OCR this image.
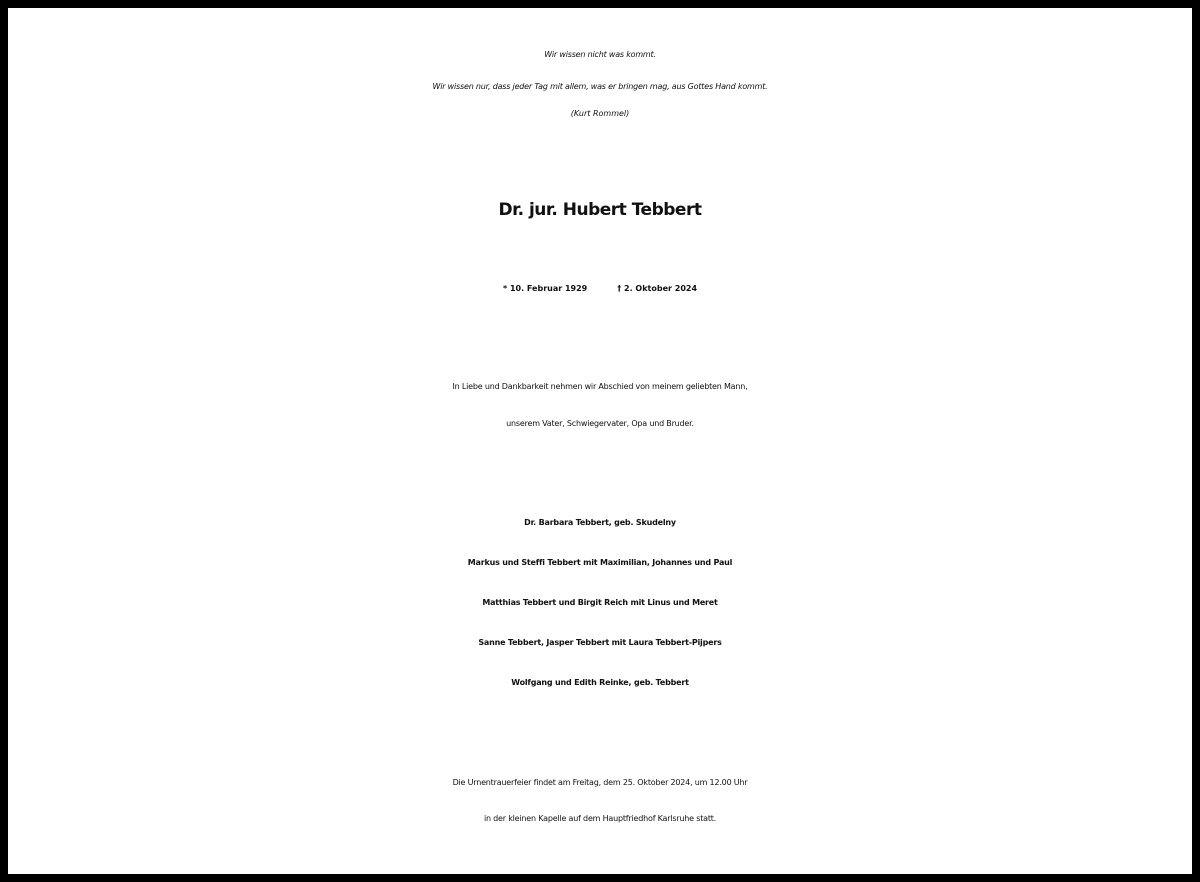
Wir wissen nicht was kommt.
Wir wissen nur, dass jeder Tag mit allem, was er bringen mag, aus Gottes Hand kommt.
(Kurt Rommel)
Dr. jur. Hubert Tebbert
* 10. Februar 1929	† 2. Oktober 2024
In Liebe und Dankbarkeit nehmen wir Abschied von meinem geliebten Mann,
unserem Vater, Schwiegervater, Opa und Bruder.
Dr. Barbara Tebbert, geb. Skudelny
Markus und Steffi Tebbert mit Maximilian, Johannes und Paul
Matthias Tebbert und Birgit Reich mit Linus und Meret
Sanne Tebbert, Jasper Tebbert mit Laura Tebbert-Pijpers
Wolfgang und Edith Reinke, geb. Tebbert
Die Urnentrauerfeier findet am Freitag, dem 25. Oktober 2024, um 12.00 Uhr
in der kleinen Kapelle auf dem Hauptfriedhof Karlsruhe statt.
